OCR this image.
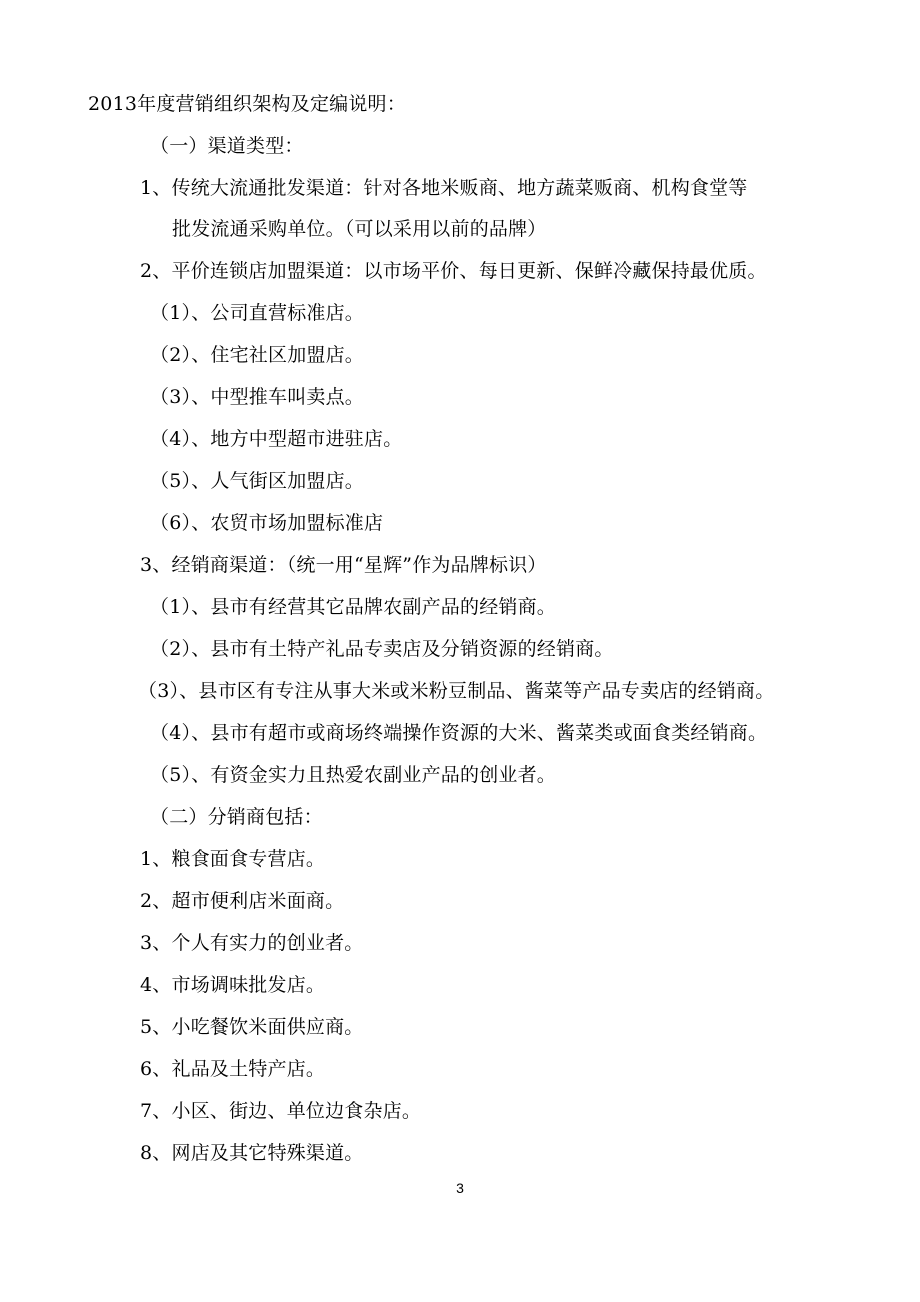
2013年度营销组织架构及定编说明：
（一）渠道类型：
1、传统大流通批发渠道：针对各地米贩商、地方蔬菜贩商、机构食堂等
批发流通采购单位。（可以采用以前的品牌）
2、平价连锁店加盟渠道：以市场平价、每日更新、保鲜冷藏保持最优质。
（1）、公司直营标准店。
（2）、住宅社区加盟店。
（3）、中型推车叫卖点。
（4）、地方中型超市进驻店。
（5）、人气街区加盟店。
（6）、农贸市场加盟标准店
3、经销商渠道：（统一用“星辉”作为品牌标识）
（1）、县市有经营其它品牌农副产品的经销商。
（2）、县市有土特产礼品专卖店及分销资源的经销商。
（3）、县市区有专注从事大米或米粉豆制品、酱菜等产品专卖店的经销商。
（4）、县市有超市或商场终端操作资源的大米、酱菜类或面食类经销商。
（5）、有资金实力且热爱农副业产品的创业者。
（二）分销商包括：
1、粮食面食专营店。
2、超市便利店米面商。
3、个人有实力的创业者。
4、市场调味批发店。
5、小吃餐饮米面供应商。
6、礼品及土特产店。
7、小区、街边、单位边食杂店。
8、网店及其它特殊渠道。
3
